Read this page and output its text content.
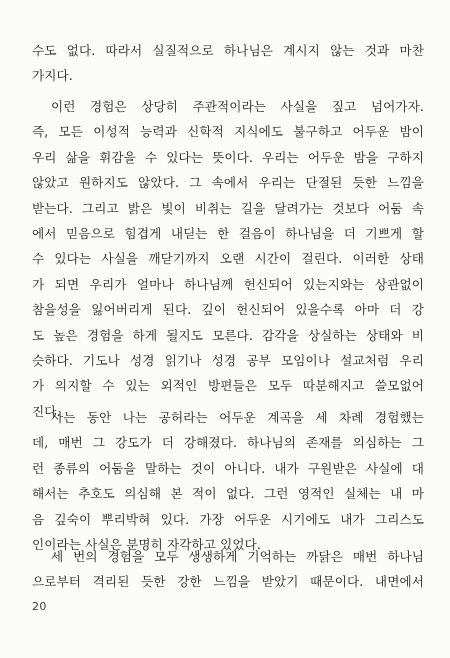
수도 없다. 따라서 실질적으로 하나님은 계시지 않는 것과 마찬
가지다.
이런 경험은 상당히 주관적이라는 사실을 짚고 넘어가자.
즉, 모든 이성적 능력과 신학적 지식에도 불구하고 어두운 밤이
우리 삶을 휘감을 수 있다는 뜻이다. 우리는 어두운 밤을 구하지
않았고 원하지도 않았다. 그 속에서 우리는 단절된 듯한 느낌을
받는다. 그리고 밝은 빛이 비취는 길을 달려가는 것보다 어둠 속
에서 믿음으로 힘겹게 내딛는 한 걸음이 하나님을 더 기쁘게 할
수 있다는 사실을 깨닫기까지 오랜 시간이 걸린다. 이러한 상태
가 되면 우리가 얼마나 하나님께 헌신되어 있는지와는 상관없이
참을성을 잃어버리게 된다. 깊이 헌신되어 있을수록 아마 더 강
도 높은 경험을 하게 될지도 모른다. 감각을 상실하는 상태와 비
슷하다. 기도나 성경 읽기나 성경 공부 모임이나 설교처럼 우리
가 의지할 수 있는 외적인 방편들은 모두 따분해지고 쓸모없어
진다.
사는 동안 나는 공허라는 어두운 계곡을 세 차례 경험했는
데, 매번 그 강도가 더 강해졌다. 하나님의 존재를 의심하는 그
런 종류의 어둠을 말하는 것이 아니다. 내가 구원받은 사실에 대
해서는 추호도 의심해 본 적이 없다. 그런 영적인 실체는 내 마
음 깊숙이 뿌리박혀 있다. 가장 어두운 시기에도 내가 그리스도
인이라는 사실은 분명히 자각하고 있었다.
세 번의 경험을 모두 생생하게 기억하는 까닭은 매번 하나님
으로부터 격리된 듯한 강한 느낌을 받았기 때문이다. 내면에서
20
